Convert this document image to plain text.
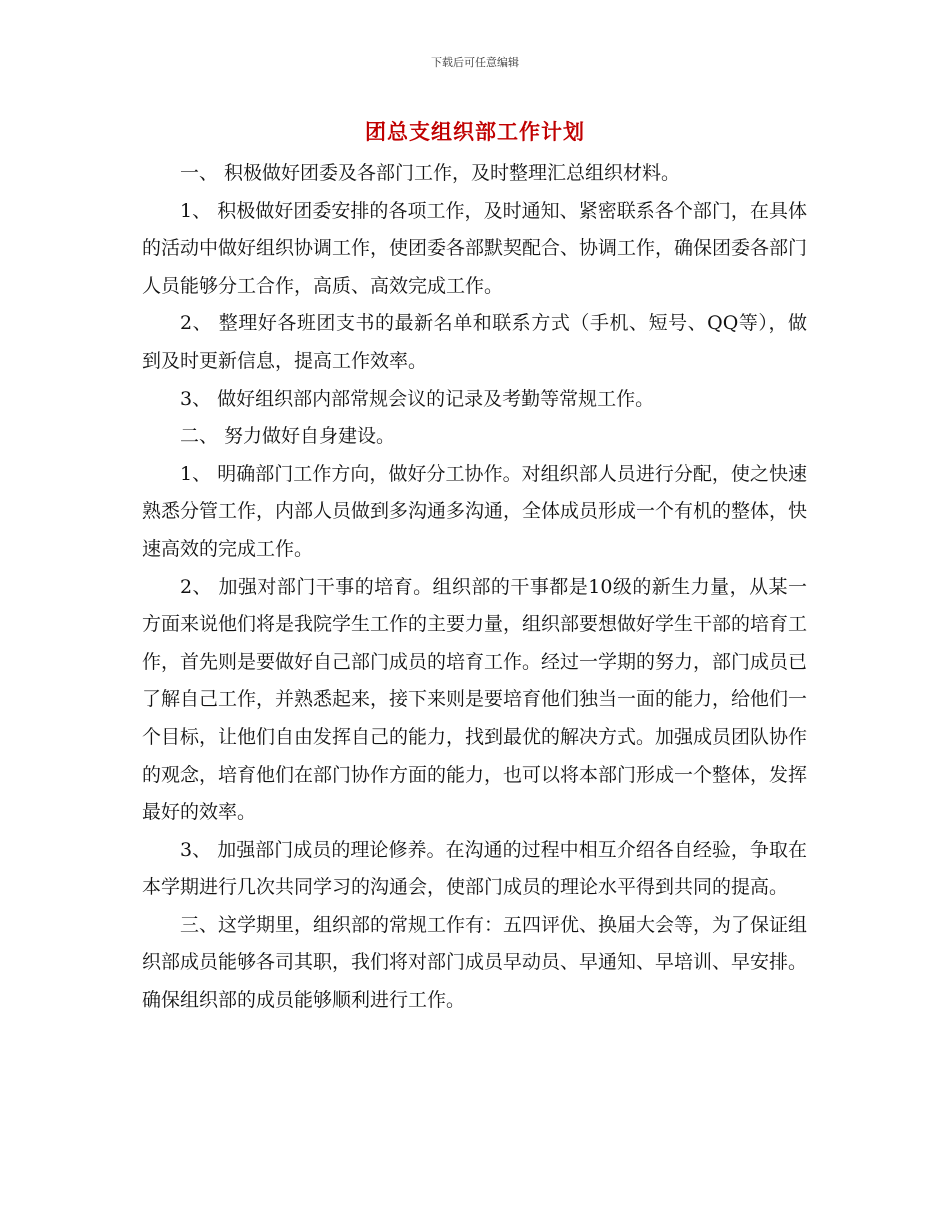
下载后可任意编辑
团总支组织部工作计划

一、 积极做好团委及各部门工作，及时整理汇总组织材料。

1、 积极做好团委安排的各项工作，及时通知、紧密联系各个部门，在具体的活动中做好组织协调工作，使团委各部默契配合、协调工作，确保团委各部门人员能够分工合作，高质、高效完成工作。

2、 整理好各班团支书的最新名单和联系方式（手机、短号、QQ等），做到及时更新信息，提高工作效率。

3、 做好组织部内部常规会议的记录及考勤等常规工作。

二、 努力做好自身建设。

1、 明确部门工作方向，做好分工协作。对组织部人员进行分配，使之快速熟悉分管工作，内部人员做到多沟通多沟通，全体成员形成一个有机的整体，快速高效的完成工作。

2、 加强对部门干事的培育。组织部的干事都是10级的新生力量，从某一方面来说他们将是我院学生工作的主要力量，组织部要想做好学生干部的培育工作，首先则是要做好自己部门成员的培育工作。经过一学期的努力，部门成员已了解自己工作，并熟悉起来，接下来则是要培育他们独当一面的能力，给他们一个目标，让他们自由发挥自己的能力，找到最优的解决方式。加强成员团队协作的观念，培育他们在部门协作方面的能力，也可以将本部门形成一个整体，发挥最好的效率。

3、 加强部门成员的理论修养。在沟通的过程中相互介绍各自经验，争取在本学期进行几次共同学习的沟通会，使部门成员的理论水平得到共同的提高。

三、这学期里，组织部的常规工作有：五四评优、换届大会等，为了保证组织部成员能够各司其职，我们将对部门成员早动员、早通知、早培训、早安排。确保组织部的成员能够顺利进行工作。
